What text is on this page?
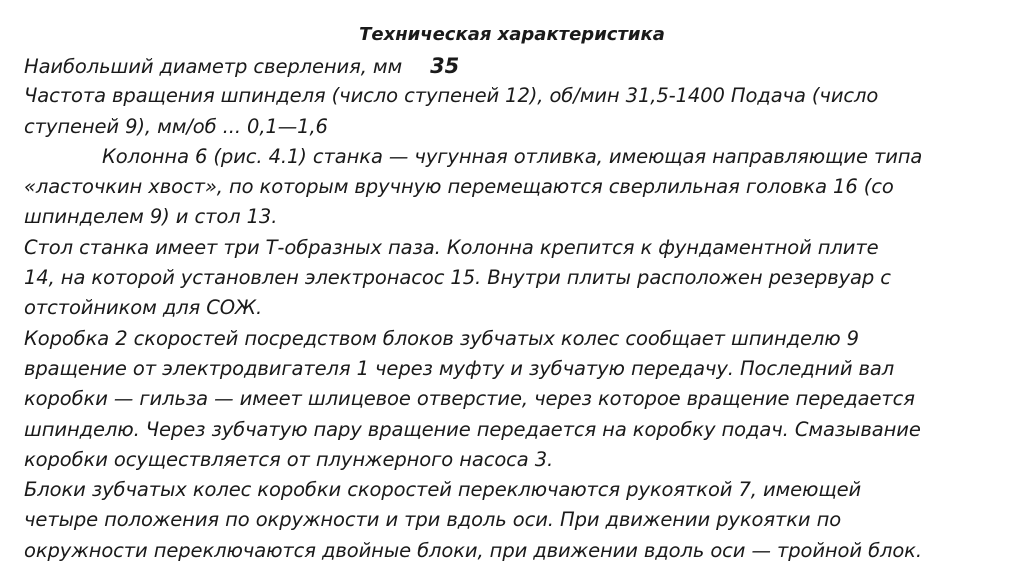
Техническая характеристика
Наибольший диаметр сверления, мм 35
Частота вращения шпинделя (число ступеней 12), об/мин 31,5-1400 Подача (число
ступеней 9), мм/об ... 0,1—1,6
Колонна 6 (рис. 4.1) станка — чугунная отливка, имеющая направляющие типа
«ласточкин хвост», по которым вручную перемещаются сверлильная головка 16 (со
шпинделем 9) и стол 13.
Стол станка имеет три Т-образных паза. Колонна крепится к фундаментной плите
14, на которой установлен электронасос 15. Внутри плиты расположен резервуар с
отстойником для СОЖ.
Коробка 2 скоростей посредством блоков зубчатых колес сообщает шпинделю 9
вращение от электродвигателя 1 через муфту и зубчатую передачу. Последний вал
коробки — гильза — имеет шлицевое отверстие, через которое вращение передается
шпинделю. Через зубчатую пару вращение передается на коробку подач. Смазывание
коробки осуществляется от плунжерного насоса 3.
Блоки зубчатых колес коробки скоростей переключаются рукояткой 7, имеющей
четыре положения по окружности и три вдоль оси. При движении рукоятки по
окружности переключаются двойные блоки, при движении вдоль оси — тройной блок.
